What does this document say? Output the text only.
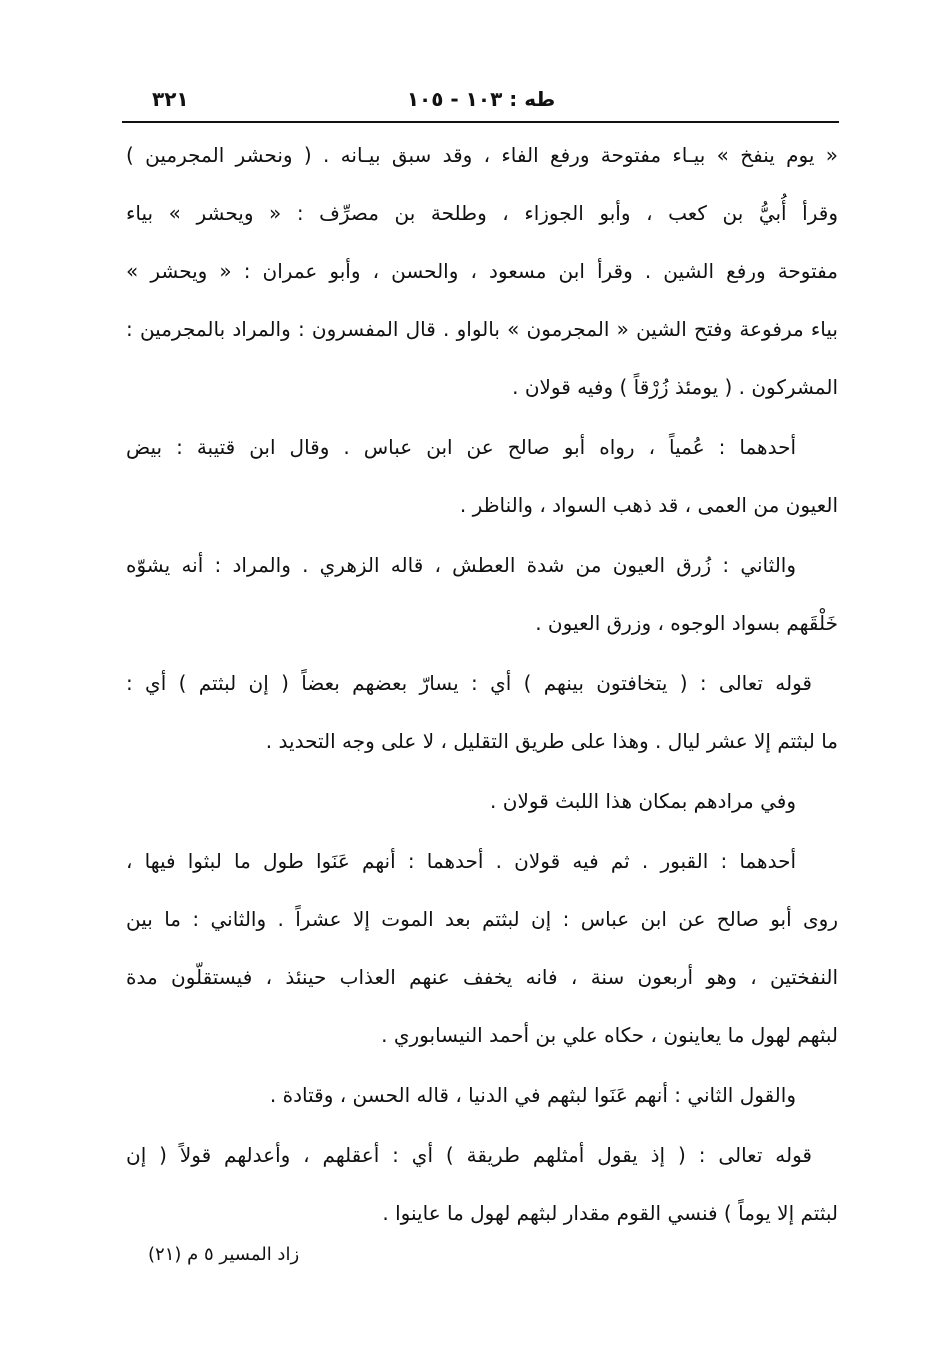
طه : ١٠٣ - ١٠٥
٣٢١
« يوم ينفخ » بيـاء مفتوحة ورفع الفاء ، وقد سبق بيـانه . ( ونحشر المجرمين )
وقرأ أُبيُّ بن كعب ، وأبو الجوزاء ، وطلحة بن مصرِّف : « ويحشر » بياء
مفتوحة ورفع الشين . وقرأ ابن مسعود ، والحسن ، وأبو عمران : « ويحشر »
بياء مرفوعة وفتح الشين « المجرمون » بالواو . قال المفسرون : والمراد بالمجرمين :
المشركون . ( يومئذ زُرْقاً ) وفيه قولان .
أحدهما : عُمياً ، رواه أبو صالح عن ابن عباس . وقال ابن قتيبة : بيض
العيون من العمى ، قد ذهب السواد ، والناظر .
والثاني : زُرق العيون من شدة العطش ، قاله الزهري . والمراد : أنه يشوّه
خَلْقَهم بسواد الوجوه ، وزرق العيون .
قوله تعالى : ( يتخافتون بينهم ) أي : يسارّ بعضهم بعضاً ( إن لبثتم ) أي :
ما لبثتم إلا عشر ليال . وهذا على طريق التقليل ، لا على وجه التحديد .
وفي مرادهم بمكان هذا اللبث قولان .
أحدهما : القبور . ثم فيه قولان . أحدهما : أنهم عَنَوا طول ما لبثوا فيها ،
روى أبو صالح عن ابن عباس : إن لبثتم بعد الموت إلا عشراً . والثاني : ما بين
النفختين ، وهو أربعون سنة ، فانه يخفف عنهم العذاب حينئذ ، فيستقلّون مدة
لبثهم لهول ما يعاينون ، حكاه علي بن أحمد النيسابوري .
والقول الثاني : أنهم عَنَوا لبثهم في الدنيا ، قاله الحسن ، وقتادة .
قوله تعالى : ( إذ يقول أمثلهم طريقة ) أي : أعقلهم ، وأعدلهم قولاً ( إن
لبثتم إلا يوماً ) فنسي القوم مقدار لبثهم لهول ما عاينوا .
زاد المسير ٥ م (٢١)
